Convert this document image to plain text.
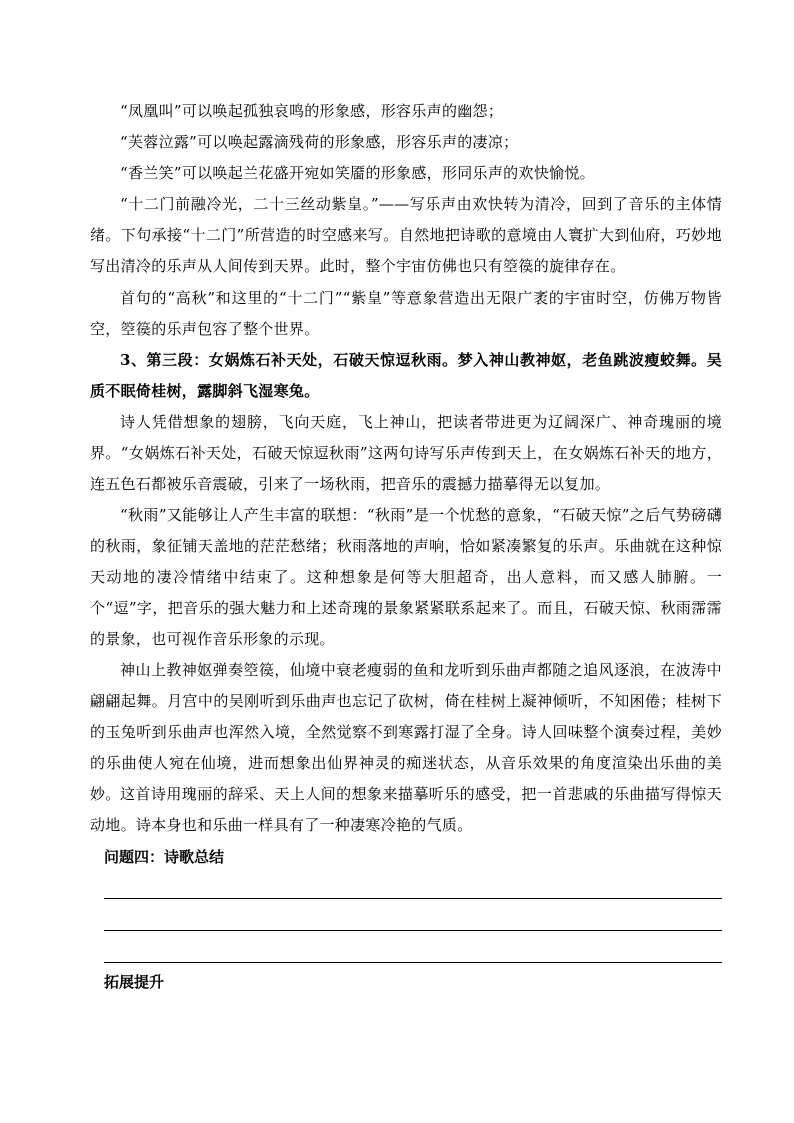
“凤凰叫”可以唤起孤独哀鸣的形象感，形容乐声的幽怨；

“芙蓉泣露”可以唤起露滴残荷的形象感，形容乐声的凄凉；

“香兰笑”可以唤起兰花盛开宛如笑靥的形象感，形同乐声的欢快愉悦。

“十二门前融冷光，二十三丝动紫皇。”——写乐声由欢快转为清冷，回到了音乐的主体情绪。下句承接“十二门”所营造的时空感来写。自然地把诗歌的意境由人寰扩大到仙府，巧妙地写出清冷的乐声从人间传到天界。此时，整个宇宙仿佛也只有箜篌的旋律存在。

首句的“高秋”和这里的“十二门”“紫皇”等意象营造出无限广袤的宇宙时空，仿佛万物皆空，箜篌的乐声包容了整个世界。

3、第三段：女娲炼石补天处，石破天惊逗秋雨。梦入神山教神妪，老鱼跳波瘦蛟舞。吴质不眠倚桂树，露脚斜飞湿寒兔。

诗人凭借想象的翅膀，飞向天庭，飞上神山，把读者带进更为辽阔深广、神奇瑰丽的境界。“女娲炼石补天处，石破天惊逗秋雨”这两句诗写乐声传到天上，在女娲炼石补天的地方，连五色石都被乐音震破，引来了一场秋雨，把音乐的震撼力描摹得无以复加。

“秋雨”又能够让人产生丰富的联想：“秋雨”是一个忧愁的意象，“石破天惊”之后气势磅礴的秋雨，象征铺天盖地的茫茫愁绪；秋雨落地的声响，恰如紧凑繁复的乐声。乐曲就在这种惊天动地的凄冷情绪中结束了。这种想象是何等大胆超奇，出人意料，而又感人肺腑。一个“逗”字，把音乐的强大魅力和上述奇瑰的景象紧紧联系起来了。而且，石破天惊、秋雨霈霈的景象，也可视作音乐形象的示现。

神山上教神妪弹奏箜篌，仙境中衰老瘦弱的鱼和龙听到乐曲声都随之追风逐浪，在波涛中翩翩起舞。月宫中的吴刚听到乐曲声也忘记了砍树，倚在桂树上凝神倾听，不知困倦；桂树下的玉兔听到乐曲声也浑然入境，全然觉察不到寒露打湿了全身。诗人回味整个演奏过程，美妙的乐曲使人宛在仙境，进而想象出仙界神灵的痴迷状态，从音乐效果的角度渲染出乐曲的美妙。 这首诗用瑰丽的辞采、天上人间的想象来描摹听乐的感受，把一首悲戚的乐曲描写得惊天动地。诗本身也和乐曲一样具有了一种凄寒冷艳的气质。

问题四：诗歌总结

拓展提升
